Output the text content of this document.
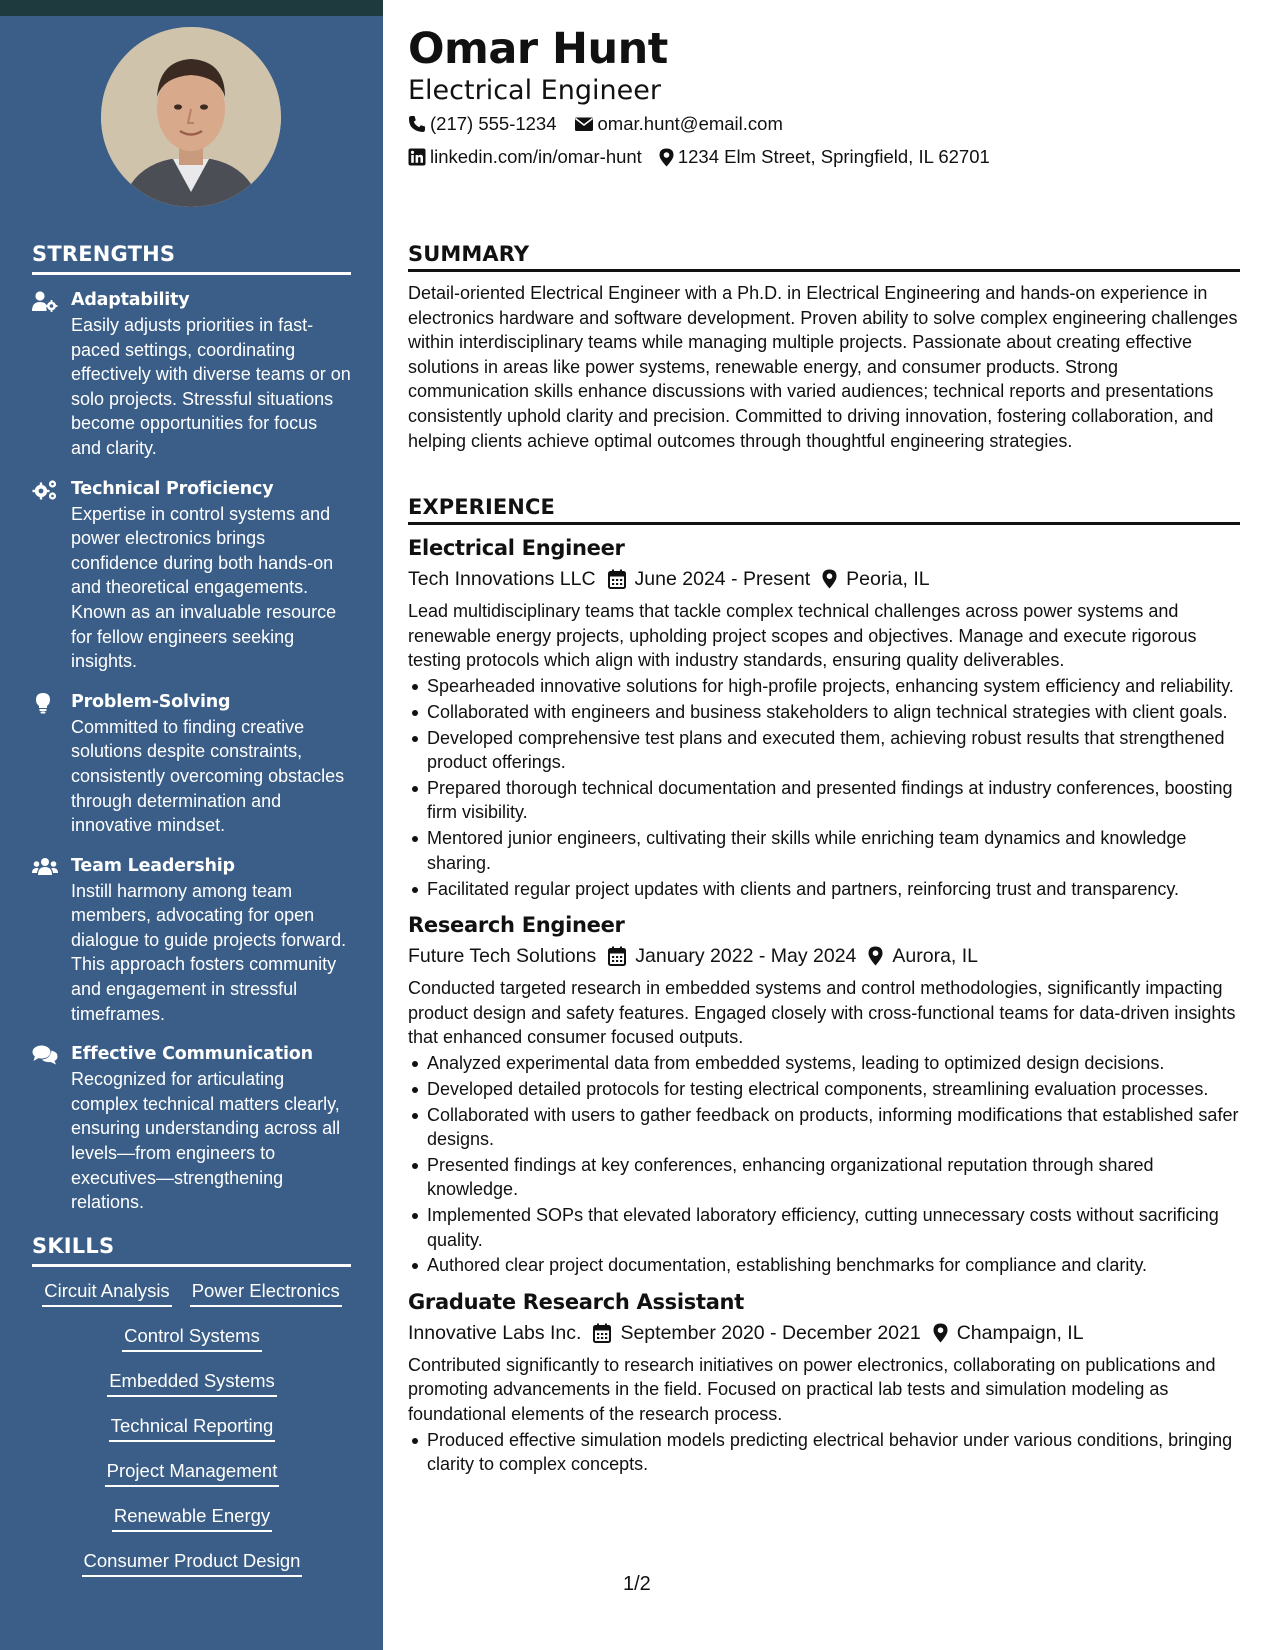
STRENGTHS
Adaptability
Easily adjusts priorities in fast-paced settings, coordinating effectively with diverse teams or on solo projects. Stressful situations become opportunities for focus and clarity.
Technical Proficiency
Expertise in control systems and power electronics brings confidence during both hands-on and theoretical engagements. Known as an invaluable resource for fellow engineers seeking insights.
Problem-Solving
Committed to finding creative solutions despite constraints, consistently overcoming obstacles through determination and innovative mindset.
Team Leadership
Instill harmony among team members, advocating for open dialogue to guide projects forward. This approach fosters community and engagement in stressful timeframes.
Effective Communication
Recognized for articulating complex technical matters clearly, ensuring understanding across all levels—from engineers to executives—strengthening relations.
SKILLS
Circuit Analysis Power Electronics
Control Systems
Embedded Systems
Technical Reporting
Project Management
Renewable Energy
Consumer Product Design
Omar Hunt
Electrical Engineer
(217) 555-1234 omar.hunt@email.com
linkedin.com/in/omar-hunt 1234 Elm Street, Springfield, IL 62701
SUMMARY
Detail-oriented Electrical Engineer with a Ph.D. in Electrical Engineering and hands-on experience in electronics hardware and software development. Proven ability to solve complex engineering challenges within interdisciplinary teams while managing multiple projects. Passionate about creating effective solutions in areas like power systems, renewable energy, and consumer products. Strong communication skills enhance discussions with varied audiences; technical reports and presentations consistently uphold clarity and precision. Committed to driving innovation, fostering collaboration, and helping clients achieve optimal outcomes through thoughtful engineering strategies.
EXPERIENCE
Electrical Engineer
Tech Innovations LLC June 2024 - Present Peoria, IL
Lead multidisciplinary teams that tackle complex technical challenges across power systems and renewable energy projects, upholding project scopes and objectives. Manage and execute rigorous testing protocols which align with industry standards, ensuring quality deliverables.
Spearheaded innovative solutions for high-profile projects, enhancing system efficiency and reliability.
Collaborated with engineers and business stakeholders to align technical strategies with client goals.
Developed comprehensive test plans and executed them, achieving robust results that strengthened product offerings.
Prepared thorough technical documentation and presented findings at industry conferences, boosting firm visibility.
Mentored junior engineers, cultivating their skills while enriching team dynamics and knowledge sharing.
Facilitated regular project updates with clients and partners, reinforcing trust and transparency.
Research Engineer
Future Tech Solutions January 2022 - May 2024 Aurora, IL
Conducted targeted research in embedded systems and control methodologies, significantly impacting product design and safety features. Engaged closely with cross-functional teams for data-driven insights that enhanced consumer focused outputs.
Analyzed experimental data from embedded systems, leading to optimized design decisions.
Developed detailed protocols for testing electrical components, streamlining evaluation processes.
Collaborated with users to gather feedback on products, informing modifications that established safer designs.
Presented findings at key conferences, enhancing organizational reputation through shared knowledge.
Implemented SOPs that elevated laboratory efficiency, cutting unnecessary costs without sacrificing quality.
Authored clear project documentation, establishing benchmarks for compliance and clarity.
Graduate Research Assistant
Innovative Labs Inc. September 2020 - December 2021 Champaign, IL
Contributed significantly to research initiatives on power electronics, collaborating on publications and promoting advancements in the field. Focused on practical lab tests and simulation modeling as foundational elements of the research process.
Produced effective simulation models predicting electrical behavior under various conditions, bringing clarity to complex concepts.
1/2
